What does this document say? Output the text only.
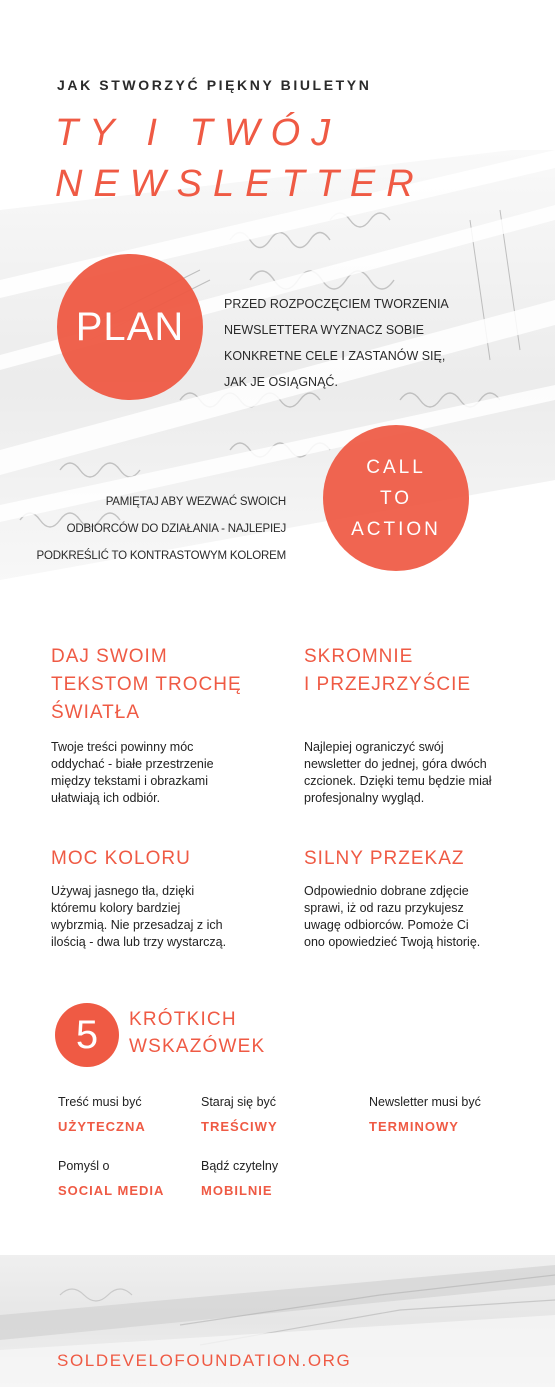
JAK STWORZYĆ PIĘKNY BIULETYN
TY I TWÓJ
NEWSLETTER
PLAN
PRZED ROZPOCZĘCIEM TWORZENIA
NEWSLETTERA WYZNACZ SOBIE
KONKRETNE CELE I ZASTANÓW SIĘ,
JAK JE OSIĄGNĄĆ.
CALL
TO
ACTION
PAMIĘTAJ ABY WEZWAĆ SWOICH
ODBIORCÓW DO DZIAŁANIA - NAJLEPIEJ
PODKREŚLIĆ TO KONTRASTOWYM KOLOREM
DAJ SWOIM
TEKSTOM TROCHĘ
ŚWIATŁA
Twoje treści powinny móc
oddychać - białe przestrzenie
między tekstami i obrazkami
ułatwiają ich odbiór.
SKROMNIE
I PRZEJRZYŚCIE
Najlepiej ograniczyć swój
newsletter do jednej, góra dwóch
czcionek. Dzięki temu będzie miał
profesjonalny wygląd.
MOC KOLORU
Używaj jasnego tła, dzięki
któremu kolory bardziej
wybrzmią. Nie przesadzaj z ich
ilością - dwa lub trzy wystarczą.
SILNY PRZEKAZ
Odpowiednio dobrane zdjęcie
sprawi, iż od razu przykujesz
uwagę odbiorców. Pomoże Ci
ono opowiedzieć Twoją historię.
5 KRÓTKICH
WSKAZÓWEK
Treść musi być
UŻYTECZNA
Staraj się być
TREŚCIWY
Newsletter musi być
TERMINOWY
Pomyśl o
SOCIAL MEDIA
Bądź czytelny
MOBILNIE
SOLDEVELOFOUNDATION.ORG
